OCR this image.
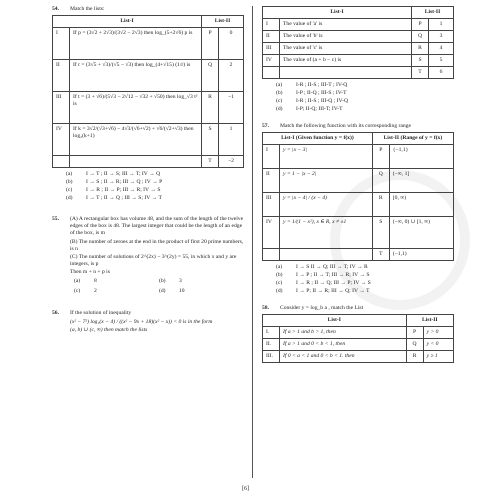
54.	Match the lists:
List-I		List-II	
I	If p = (3√2 + 2√3)/(3√2 − 2√3) then log_(5+2√6) p is	P	0
II	If r = (3√5 + √3)/(√5 − √3) then log_(4+√15) (1/r) is	Q	2
III	If t = (3 + √6)/(5√3 − 2√12 − √32 + √50) then log_√3 t² is	R	−1
IV	If k = 3√2/(√3+√6) − 4√3/(√6+√2) + √6/(√2+√3) then log₂(k+1)	S	1
		T	−2
(a)	I → T ; II → S; III → T; IV → Q
(b)	I → S ; II → R; III → Q ; IV → P
(c)	I → R ; II → P; III → R; IV → S
(d)	I → T ; II → Q ; III → S; IV → T
55.	(A) A rectangular box has volume 48, and the sum of the length of the twelve edges of the box is 48. The largest integer that could be the length of an edge of the box, is m
(B) The number of zeroes at the end in the product of first 20 prime numbers, is n
(C) The number of solutions of 2^(2x) − 3^(2y) = 55, in which x and y are integers, is p
Then m + n + p is
(a)	8	(b)	3
(c)	2	(d)	10
56.	If the solution of inequality
(x² − 7²) log₃(x − 4) / ((x² − 9x + 18)(x² − x)) < 0 is in the form
(a, b) ∪ (c, ∞) then match the lists
List-I		List-II	
I	The value of 'a' is	P	1
II	The value of 'b' is	Q	3
III	The value of 'c' is	R	4
IV	The value of (a + b − c) is	S	5
		T	6
(a)	I-R ; II-S ; III-T ; IV-Q
(b)	I-P ; II-Q ; III-S ; IV-T
(c)	I-R ; II-S ; III-Q ; IV-Q
(d)	I-P; II-Q; III-T; IV-T
57.	Match the following function with its corresponding range
List-I (Given function y = f(x))		List-II (Range of y = f(x)	
I	y = |x − 3|	P	{−1,1}
II	y = 1 − |x − 2|	Q	(−∞, 1]
III	y = |x − 4| / (x − 4)	R	[0, ∞)
IV	y = 1/(1 − x²), x ∈ R, x ≠ ±1	S	(−∞, 0) ∪ [1, ∞)
		T	(−1,1)
(a)	I → S II → Q; III → T; IV → R
(b)	I → P ; II → T; III → R; IV → S
(c)	I → R ; II → Q; III → P; IV → S
(d)	I → P; II → R; III → Q; IV → T
58.	Consider y = log_b a , match the List
List-I		List-II	
I.	If a > 1 and b > 1, then	P	y > 0
II.	If a > 1 and 0 < b < 1, then	Q	y < 0
III.	If 0 < a < 1 and 0 < b < 1. then	R	y ≥ 1
[6]
